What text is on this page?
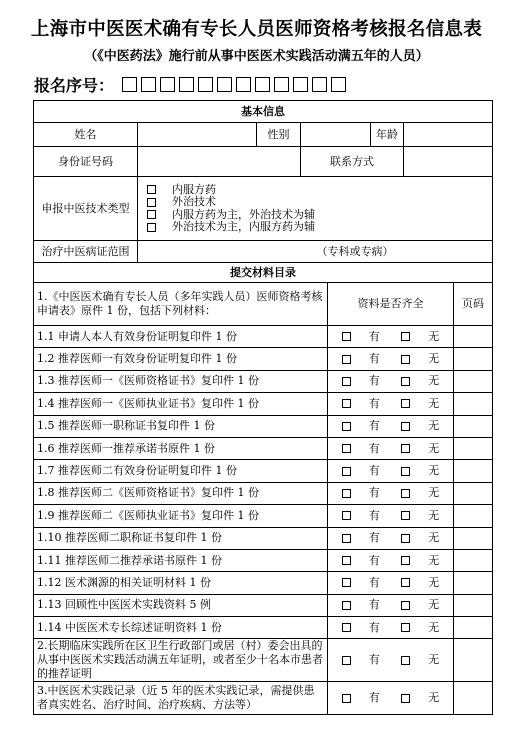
上海市中医医术确有专长人员医师资格考核报名信息表
（《中医药法》施行前从事中医医术实践活动满五年的人员）
报名序号：
基本信息							
姓名		性别			年龄		
身份证号码			联系方式				
申报中医技术类型	内服方药
外治技术
内服方药为主，外治技术为辅
外治技术为主，内服方药为辅						

治疗中医病证范围	（专科或专病）						
提交材料目录							
1.《中医医术确有专长人员（多年实践人员）医师资格考核申请表》原件 1 份，包括下列材料：				资料是否齐全			页码
1.1 申请人本人有效身份证明复印件 1 份				有 无			

1.2 推荐医师一有效身份证明复印件 1 份				有 无			

1.3 推荐医师一《医师资格证书》复印件 1 份				有 无			

1.4 推荐医师一《医师执业证书》复印件 1 份				有 无			

1.5 推荐医师一职称证书复印件 1 份				有 无			

1.6 推荐医师一推荐承诺书原件 1 份				有 无			

1.7 推荐医师二有效身份证明复印件 1 份				有 无			

1.8 推荐医师二《医师资格证书》复印件 1 份				有 无			

1.9 推荐医师二《医师执业证书》复印件 1 份				有 无			

1.10 推荐医师二职称证书复印件 1 份				有 无			

1.11 推荐医师二推荐承诺书原件 1 份				有 无			

1.12 医术渊源的相关证明材料 1 份				有 无			

1.13 回顾性中医医术实践资料 5 例				有 无			

1.14 中医医术专长综述证明资料 1 份				有 无			

2.长期临床实践所在区卫生行政部门或居（村）委会出具的从事中医医术实践活动满五年证明，或者至少十名本市患者的推荐证明				有 无			

3.中医医术实践记录（近 5 年的医术实践记录，需提供患者真实姓名、治疗时间、治疗疾病、方法等）				有 无			
